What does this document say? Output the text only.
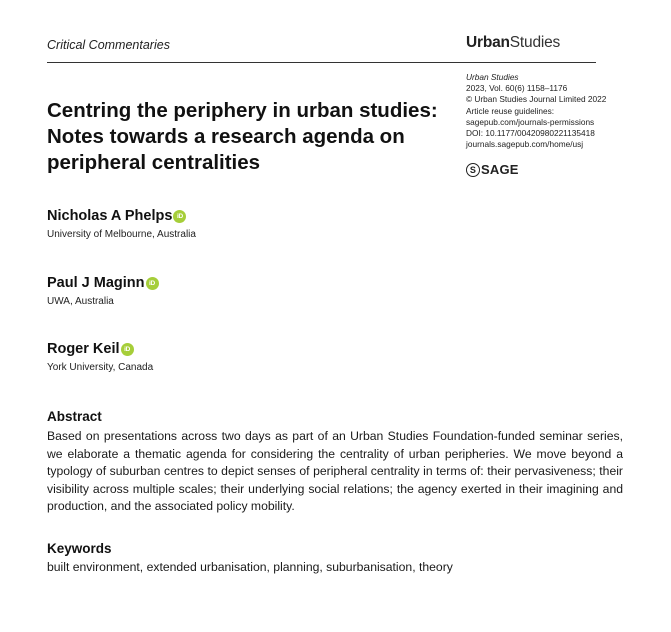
Critical Commentaries	UrbanStudies
Urban Studies
2023, Vol. 60(6) 1158–1176
© Urban Studies Journal Limited 2022
Article reuse guidelines:
sagepub.com/journals-permissions
DOI: 10.1177/00420980221135418
journals.sagepub.com/home/usj
S SAGE
Centring the periphery in urban studies: Notes towards a research agenda on peripheral centralities
Nicholas A Phelps iD
University of Melbourne, Australia
Paul J Maginn iD
UWA, Australia
Roger Keil iD
York University, Canada
Abstract

Based on presentations across two days as part of an Urban Studies Foundation-funded seminar series, we elaborate a thematic agenda for considering the centrality of urban peripheries. We move beyond a typology of suburban centres to depict senses of peripheral centrality in terms of: their pervasiveness; their visibility across multiple scales; their underlying social relations; the agency exerted in their imagining and production, and the associated policy mobility.

Keywords
built environment, extended urbanisation, planning, suburbanisation, theory
